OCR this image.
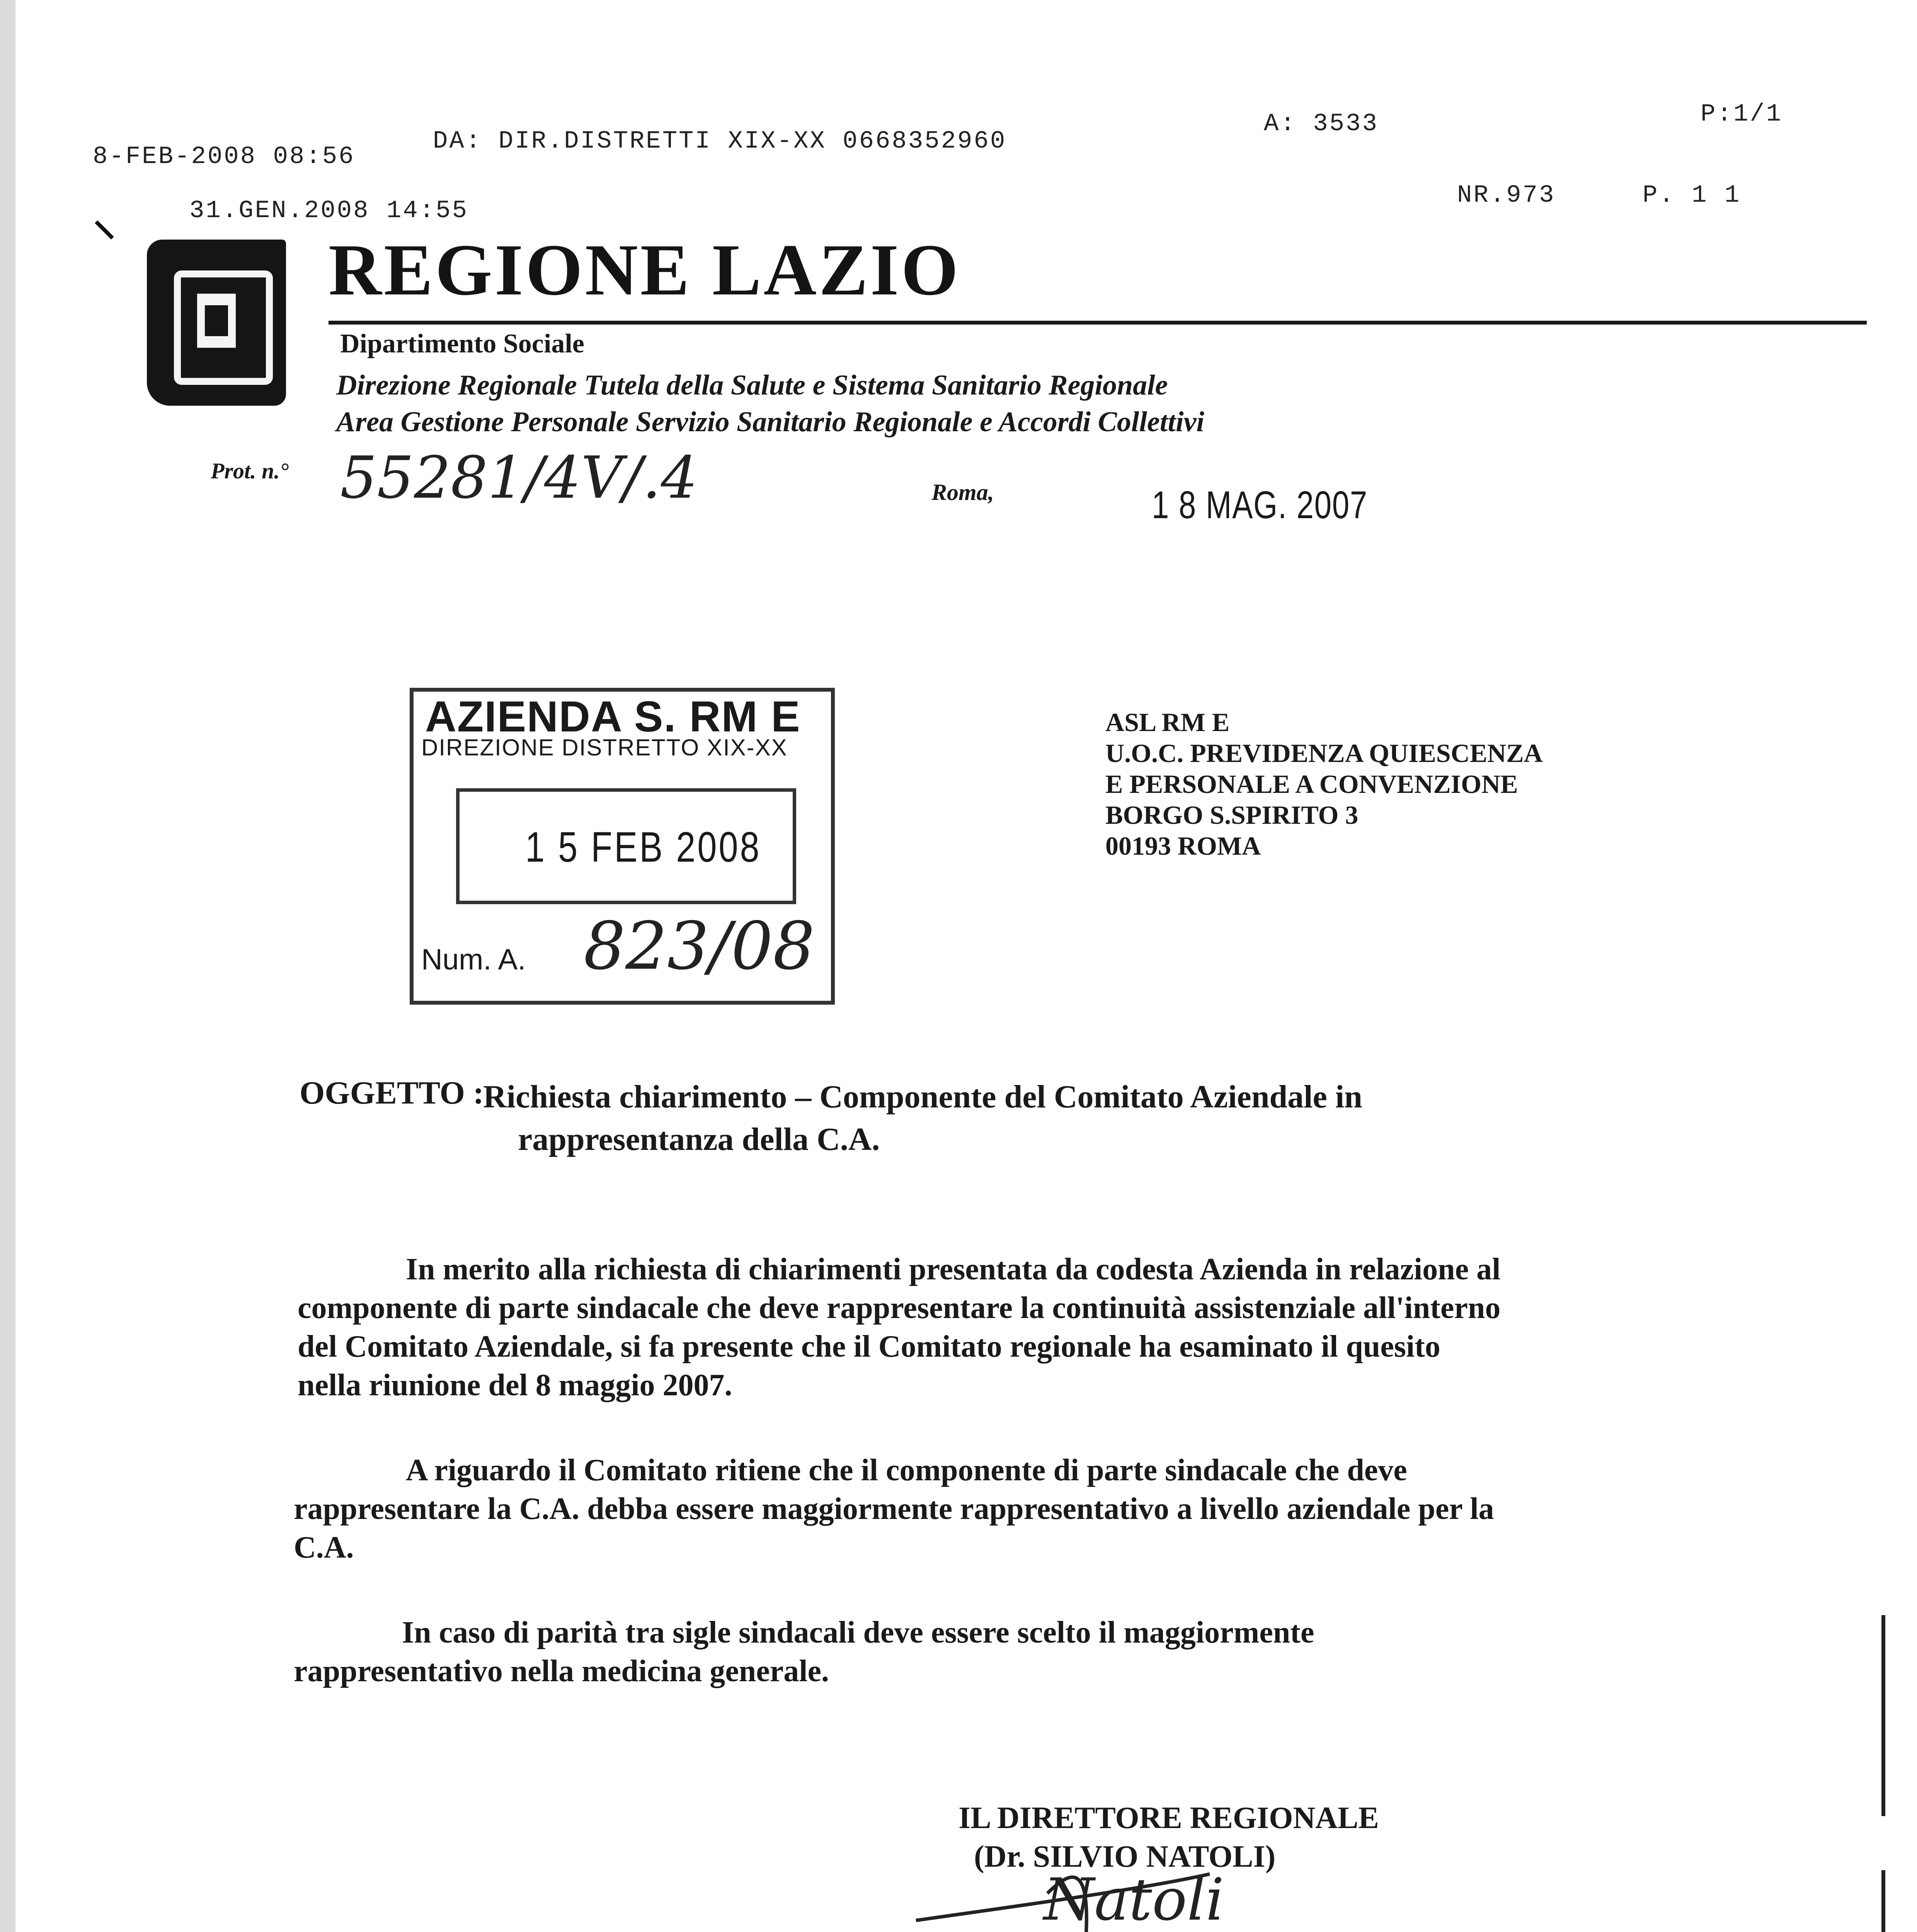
8-FEB-2008 08:56
DA: DIR.DISTRETTI XIX-XX 0668352960
A: 3533	P:1/1
31.GEN.2008 14:55
NR.973	P. 1 1
REGIONE LAZIO
Dipartimento Sociale
Direzione Regionale Tutela della Salute e Sistema Sanitario Regionale
Area Gestione Personale Servizio Sanitario Regionale e Accordi Collettivi
Prot. n.° 55281/4V/.4	Roma,	1 8 MAG. 2007
AZIENDA S. RM E
DIREZIONE DISTRETTO XIX-XX
1 5 FEB 2008
Num. A. 823/08
ASL RM E
U.O.C. PREVIDENZA QUIESCENZA
E PERSONALE A CONVENZIONE
BORGO S.SPIRITO 3
00193 ROMA
OGGETTO :
Richiesta chiarimento – Componente del Comitato Aziendale in
rappresentanza della C.A.
In merito alla richiesta di chiarimenti presentata da codesta Azienda in relazione al
componente di parte sindacale che deve rappresentare la continuità assistenziale all'interno
del Comitato Aziendale, si fa presente che il Comitato regionale ha esaminato il quesito
nella riunione del 8 maggio 2007.
A riguardo il Comitato ritiene che il componente di parte sindacale che deve
rappresentare la C.A. debba essere maggiormente rappresentativo a livello aziendale per la
C.A.
In caso di parità tra sigle sindacali deve essere scelto il maggiormente
rappresentativo nella medicina generale.
IL DIRETTORE REGIONALE
(Dr. SILVIO NATOLI)
Natoli
